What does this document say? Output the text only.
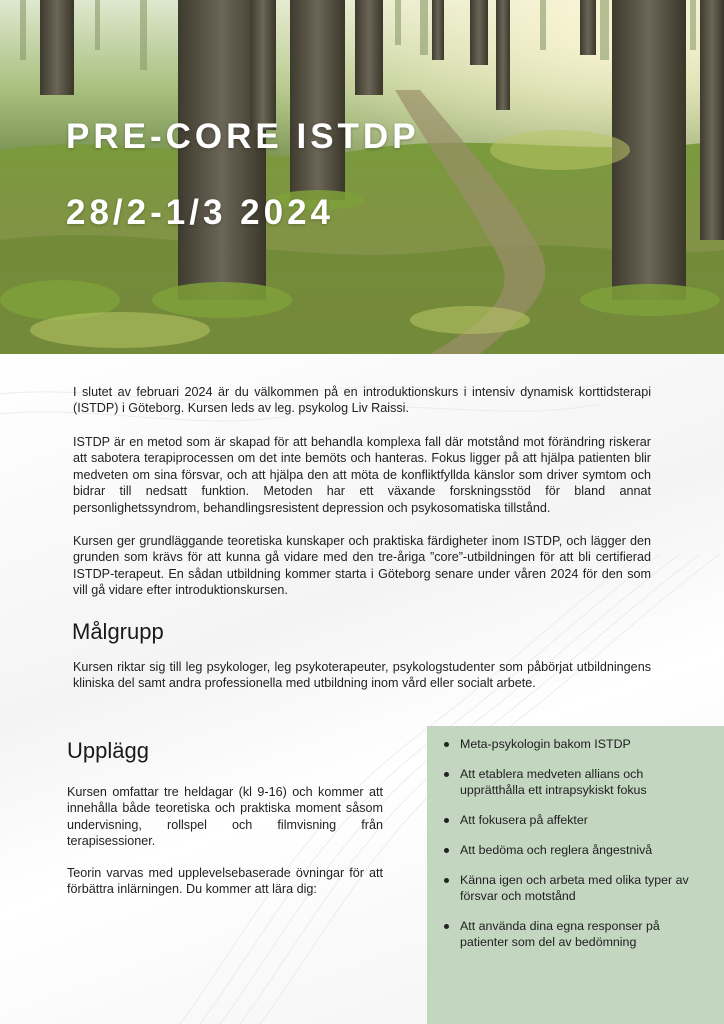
PRE-CORE ISTDP
28/2-1/3 2024

I slutet av februari 2024 är du välkommen på en introduktionskurs i intensiv dynamisk korttidsterapi (ISTDP) i Göteborg. Kursen leds av leg. psykolog Liv Raissi.

ISTDP är en metod som är skapad för att behandla komplexa fall där motstånd mot förändring riskerar att sabotera terapiprocessen om det inte bemöts och hanteras. Fokus ligger på att hjälpa patienten blir medveten om sina försvar, och att hjälpa den att möta de konfliktfyllda känslor som driver symtom och bidrar till nedsatt funktion. Metoden har ett växande forskningsstöd för bland annat personlighetssyndrom, behandlingsresistent depression och psykosomatiska tillstånd.

Kursen ger grundläggande teoretiska kunskaper och praktiska färdigheter inom ISTDP, och lägger den grunden som krävs för att kunna gå vidare med den tre-åriga ”core”-utbildningen för att bli certifierad ISTDP-terapeut. En sådan utbildning kommer starta i Göteborg senare under våren 2024 för den som vill gå vidare efter introduktionskursen.

Målgrupp

Kursen riktar sig till leg psykologer, leg psykoterapeuter, psykologstudenter som påbörjat utbildningens kliniska del samt andra professionella med utbildning inom vård eller socialt arbete.

Upplägg

Kursen omfattar tre heldagar (kl 9-16) och kommer att innehålla både teoretiska och praktiska moment såsom undervisning, rollspel och filmvisning från terapisessioner.

Teorin varvas med upplevelsebaserade övningar för att förbättra inlärningen. Du kommer att lära dig:

Meta-psykologin bakom ISTDP
Att etablera medveten allians och upprätthålla ett intrapsykiskt fokus
Att fokusera på affekter
Att bedöma och reglera ångestnivå
Känna igen och arbeta med olika typer av försvar och motstånd
Att använda dina egna responser på patienter som del av bedömning
